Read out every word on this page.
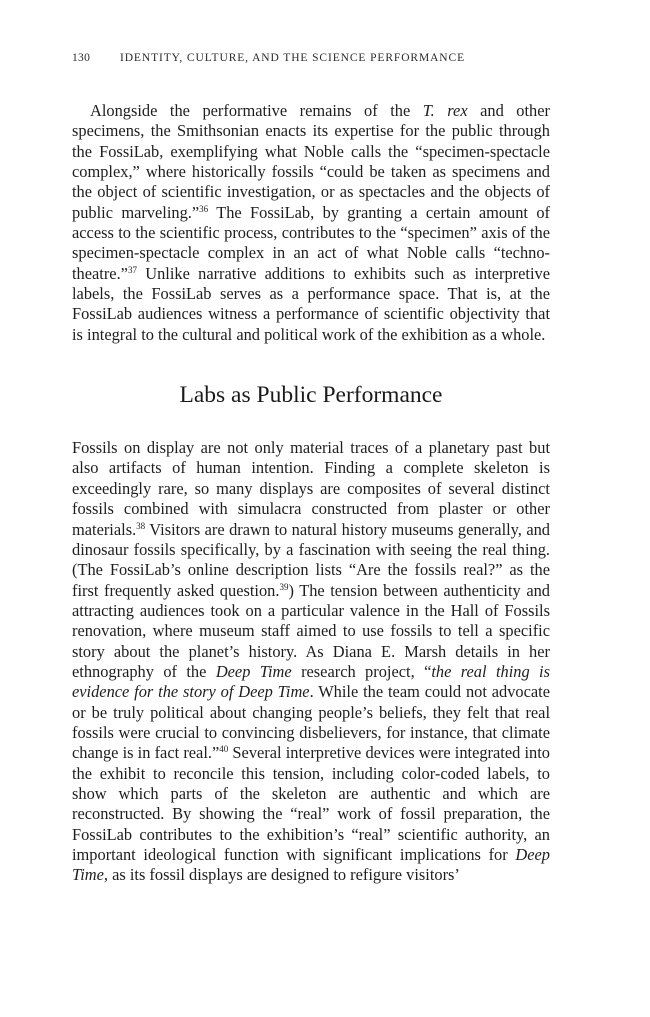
130	IDENTITY, CULTURE, AND THE SCIENCE PERFORMANCE

Alongside the performative remains of the T. rex and other specimens, the Smithsonian enacts its expertise for the public through the FossiLab, exemplifying what Noble calls the “specimen-spectacle complex,” where historically fossils “could be taken as specimens and the object of scientific investigation, or as spectacles and the objects of public marveling.”$^{36}$ The FossiLab, by granting a certain amount of access to the scientific process, contributes to the “specimen” axis of the specimen-spectacle complex in an act of what Noble calls “techno-theatre.”$^{37}$ Unlike narrative additions to exhibits such as interpretive labels, the FossiLab serves as a performance space. That is, at the FossiLab audiences witness a performance of scientific objectivity that is integral to the cultural and political work of the exhibition as a whole.

Labs as Public Performance

Fossils on display are not only material traces of a planetary past but also artifacts of human intention. Finding a complete skeleton is exceedingly rare, so many displays are composites of several distinct fossils combined with simulacra constructed from plaster or other materials.$^{38}$ Visitors are drawn to natural history museums generally, and dinosaur fossils specifically, by a fascination with seeing the real thing. (The FossiLab’s online description lists “Are the fossils real?” as the first frequently asked question.$^{39}$) The tension between authenticity and attracting audiences took on a particular valence in the Hall of Fossils renovation, where museum staff aimed to use fossils to tell a specific story about the planet’s history. As Diana E. Marsh details in her ethnography of the Deep Time research project, “the real thing is evidence for the story of Deep Time. While the team could not advocate or be truly political about changing people’s beliefs, they felt that real fossils were crucial to convincing disbelievers, for instance, that climate change is in fact real.”$^{40}$ Several interpretive devices were integrated into the exhibit to reconcile this tension, including color-coded labels, to show which parts of the skeleton are authentic and which are reconstructed. By showing the “real” work of fossil preparation, the FossiLab contributes to the exhibition’s “real” scientific authority, an important ideological function with significant implications for Deep Time, as its fossil displays are designed to refigure visitors’
